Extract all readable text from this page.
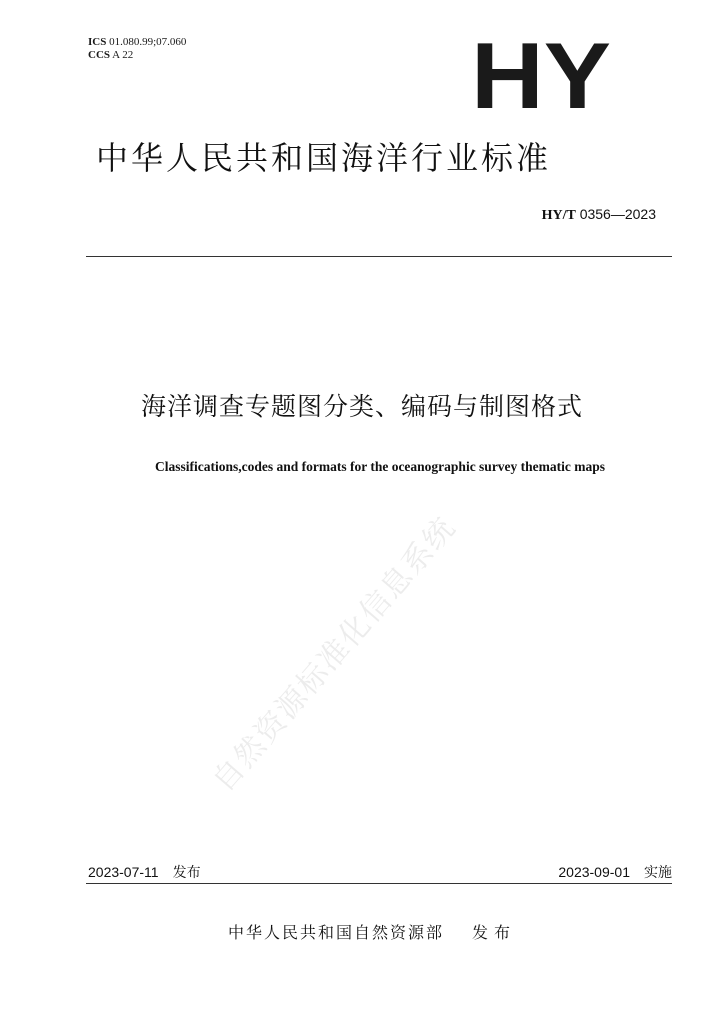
ICS 01.080.99;07.060
CCS A 22	HY
中华人民共和国海洋行业标准
HY/T 0356—2023
海洋调查专题图分类、编码与制图格式
Classifications,codes and formats for the oceanographic survey thematic maps
自然资源标准化信息系统
2023-07-11 发布	2023-09-01 实施
中华人民共和国自然资源部 发布
